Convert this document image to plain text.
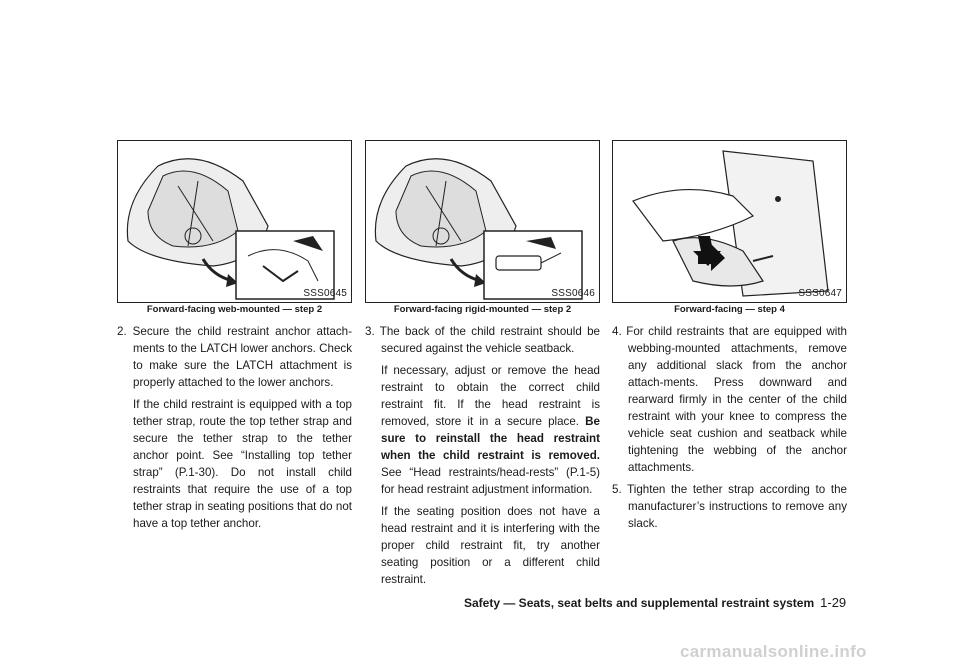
SSS0645
Forward-facing web-mounted — step 2

2. Secure the child restraint anchor attach-ments to the LATCH lower anchors. Check to make sure the LATCH attachment is properly attached to the lower anchors.

If the child restraint is equipped with a top tether strap, route the top tether strap and secure the tether strap to the tether anchor point. See “Installing top tether strap” (P.1-30). Do not install child restraints that require the use of a top tether strap in seating positions that do not have a top tether anchor.

SSS0646
Forward-facing rigid-mounted — step 2

3. The back of the child restraint should be secured against the vehicle seatback.

If necessary, adjust or remove the head restraint to obtain the correct child restraint fit. If the head restraint is removed, store it in a secure place. Be sure to reinstall the head restraint when the child restraint is removed. See “Head restraints/head-rests” (P.1-5) for head restraint adjustment information.

If the seating position does not have a head restraint and it is interfering with the proper child restraint fit, try another seating position or a different child restraint.

SSS0647
Forward-facing — step 4

4. For child restraints that are equipped with webbing-mounted attachments, remove any additional slack from the anchor attach-ments. Press downward and rearward firmly in the center of the child restraint with your knee to compress the vehicle seat cushion and seatback while tightening the webbing of the anchor attachments.

5. Tighten the tether strap according to the manufacturer’s instructions to remove any slack.

Safety — Seats, seat belts and supplemental restraint system 1-29
carmanualsonline.info
